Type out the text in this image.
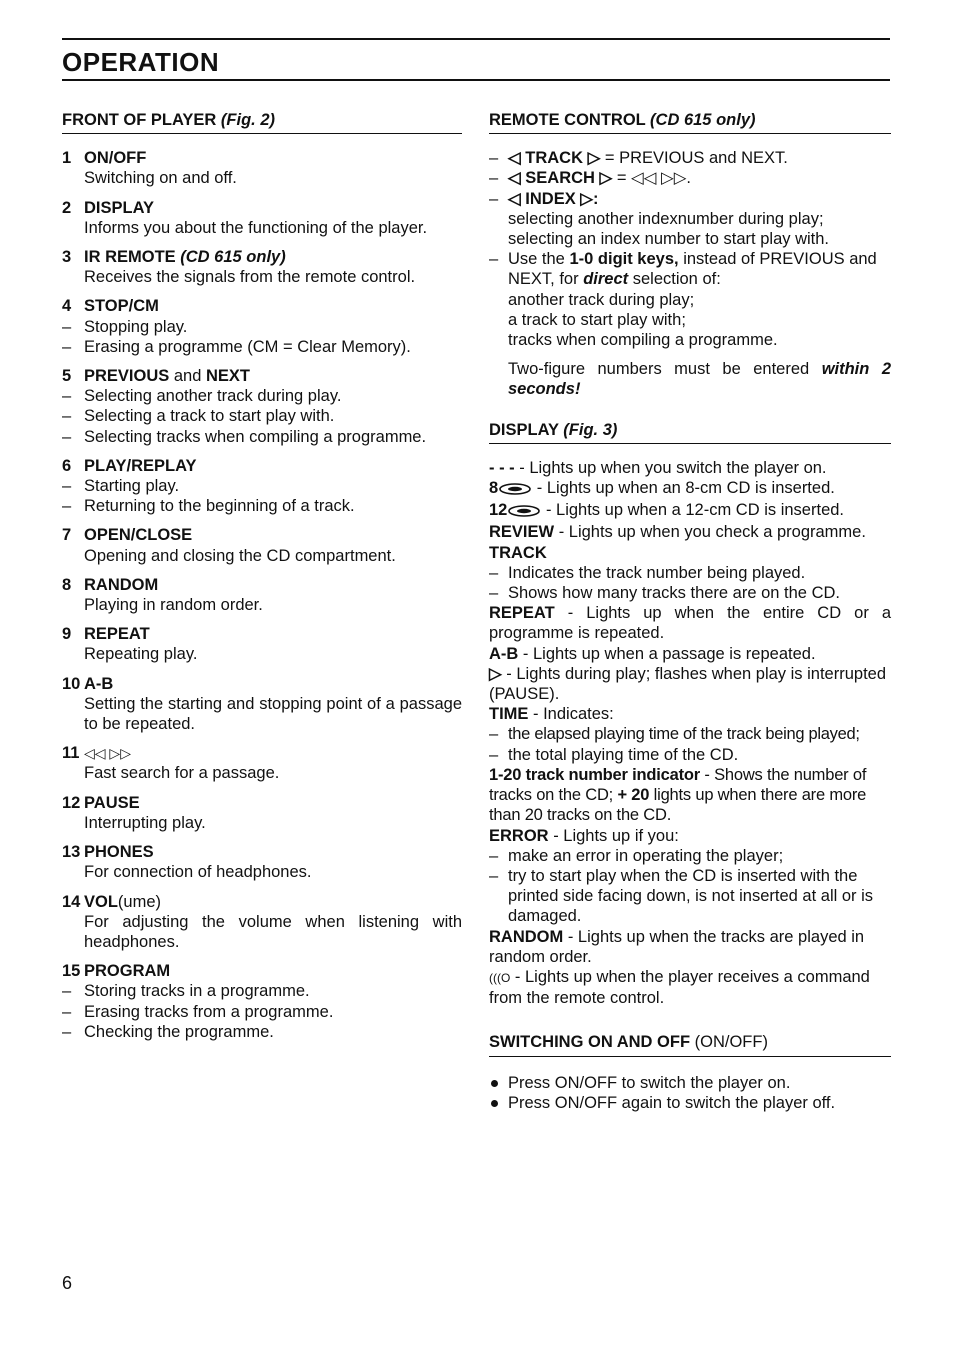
OPERATION
FRONT OF PLAYER (Fig. 2)
1 ON/OFF
Switching on and off.
2 DISPLAY
Informs you about the functioning of the player.
3 IR REMOTE (CD 615 only)
Receives the signals from the remote control.
4 STOP/CM
– Stopping play.
– Erasing a programme (CM = Clear Memory).
5 PREVIOUS and NEXT
– Selecting another track during play.
– Selecting a track to start play with.
– Selecting tracks when compiling a programme.
6 PLAY/REPLAY
– Starting play.
– Returning to the beginning of a track.
7 OPEN/CLOSE
Opening and closing the CD compartment.
8 RANDOM
Playing in random order.
9 REPEAT
Repeating play.
10 A-B
Setting the starting and stopping point of a passage to be repeated.
11 ◁◁ ▷▷
Fast search for a passage.
12 PAUSE
Interrupting play.
13 PHONES
For connection of headphones.
14 VOL(ume)
For adjusting the volume when listening with headphones.
15 PROGRAM
– Storing tracks in a programme.
– Erasing tracks from a programme.
– Checking the programme.
REMOTE CONTROL (CD 615 only)
– ◁ TRACK ▷ = PREVIOUS and NEXT.
– ◁ SEARCH ▷ = ◁◁ ▷▷.
– ◁ INDEX ▷:
selecting another indexnumber during play;
selecting an index number to start play with.
– Use the 1-0 digit keys, instead of PREVIOUS and NEXT, for direct selection of:
another track during play;
a track to start play with;
tracks when compiling a programme.
Two-figure numbers must be entered within 2 seconds!
DISPLAY (Fig. 3)
- - - - Lights up when you switch the player on.
8 - Lights up when an 8-cm CD is inserted.
12 - Lights up when a 12-cm CD is inserted.
REVIEW - Lights up when you check a programme.
TRACK
– Indicates the track number being played.
– Shows how many tracks there are on the CD.
REPEAT - Lights up when the entire CD or a programme is repeated.
A-B - Lights up when a passage is repeated.
▷ - Lights during play; flashes when play is interrupted (PAUSE).
TIME - Indicates:
– the elapsed playing time of the track being played;
– the total playing time of the CD.
1-20 track number indicator - Shows the number of tracks on the CD; + 20 lights up when there are more than 20 tracks on the CD.
ERROR - Lights up if you:
– make an error in operating the player;
– try to start play when the CD is inserted with the printed side facing down, is not inserted at all or is damaged.
RANDOM - Lights up when the tracks are played in random order.
(((O - Lights up when the player receives a command from the remote control.
SWITCHING ON AND OFF (ON/OFF)
Press ON/OFF to switch the player on.
Press ON/OFF again to switch the player off.
6
